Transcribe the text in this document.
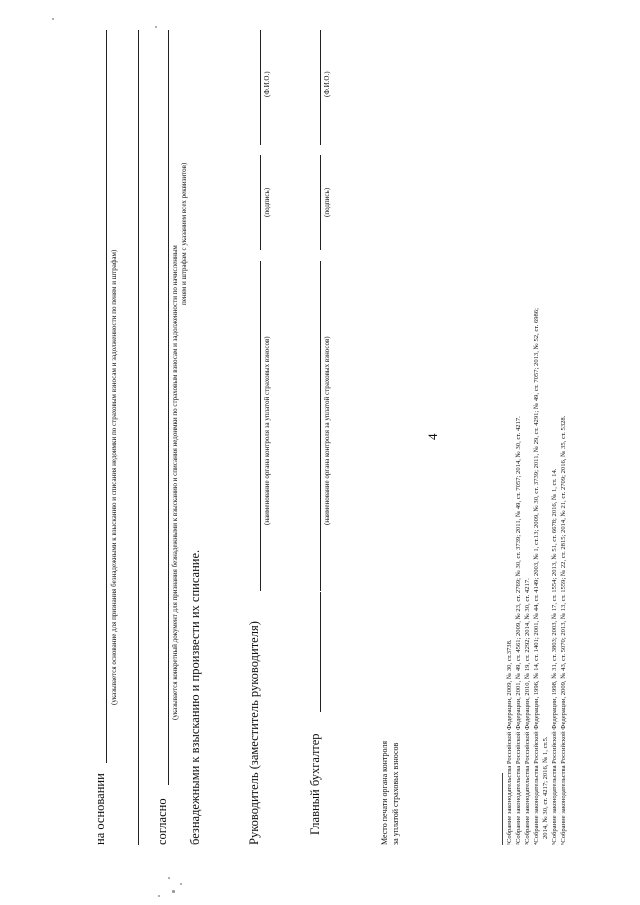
4
на основании
(указывается основание для признания безнадежными к взысканию и списания недоимки по страховым взносам и задолженности по пеням и штрафам)
согласно
(указывается конкретный документ для признания безнадежными к взысканию и списания недоимки по страховым взносам и задолженности по начисленным
пеням и штрафам с указанием всех реквизитов)
безнадежными к взысканию и произвести их списание.	Руководитель (заместитель руководителя)
(наименование органа контроля за уплатой страховых взносов)
(подпись)
(Ф.И.О.)
Главный бухгалтер
(наименование органа контроля за уплатой страховых взносов)
(подпись)
(Ф.И.О.)
Место печати органа контроля за уплатой страховых взносов	¹Собрание законодательства Российской Федерации, 2009, № 30, ст.3738. ²Собрание законодательства Российской Федерации, 2001, № 49, ст. 4561; 2009, № 23, ст. 2769; № 30, ст. 3739; 2011, № 49, ст. 7057; 2014, № 30, ст. 4217. ³Собрание законодательства Российской Федерации, 2010, № 19, ст. 2292; 2014, № 30, ст. 4217. ⁴Собрание законодательства Российской Федерации, 1996, № 14, ст. 1401; 2001, № 44, ст. 4149; 2003, № 1, ст.13; 2009, № 30, ст. 3739; 2011, № 29, ст. 4291; № 49, ст. 7057; 2013, № 52, ст. 6986; 2014, № 30, ст. 4217; 2016, № 1, ст.5. ⁵Собрание законодательства Российской Федерации, 1998, № 31, ст. 3803; 2003, № 17, ст. 1554; 2013, № 51, ст. 6678; 2016, № 1, ст. 14. ⁶Собрание законодательства Российской Федерации, 2009, № 43, ст. 5070; 2013, № 13, ст. 1559; № 22, ст. 2815; 2014, № 21, ст. 2709; 2016, № 35, ст. 5328.
